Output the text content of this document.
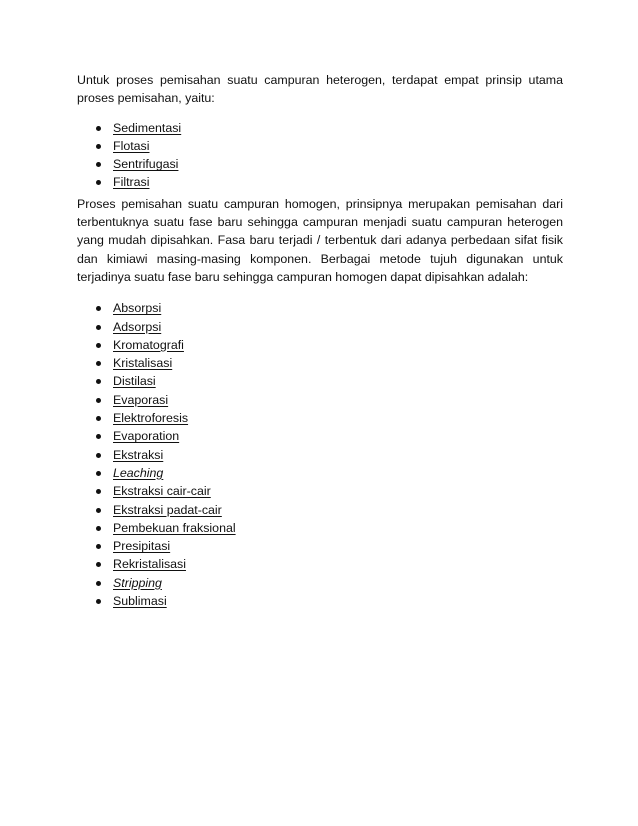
Untuk proses pemisahan suatu campuran heterogen, terdapat empat prinsip utama proses pemisahan, yaitu:

Sedimentasi
Flotasi
Sentrifugasi
Filtrasi

Proses pemisahan suatu campuran homogen, prinsipnya merupakan pemisahan dari terbentuknya suatu fase baru sehingga campuran menjadi suatu campuran heterogen yang mudah dipisahkan. Fasa baru terjadi / terbentuk dari adanya perbedaan sifat fisik dan kimiawi masing-masing komponen. Berbagai metode tujuh digunakan untuk terjadinya suatu fase baru sehingga campuran homogen dapat dipisahkan adalah:

Absorpsi
Adsorpsi
Kromatografi
Kristalisasi
Distilasi
Evaporasi
Elektroforesis
Evaporation
Ekstraksi
Leaching
Ekstraksi cair-cair
Ekstraksi padat-cair
Pembekuan fraksional
Presipitasi
Rekristalisasi
Stripping
Sublimasi
